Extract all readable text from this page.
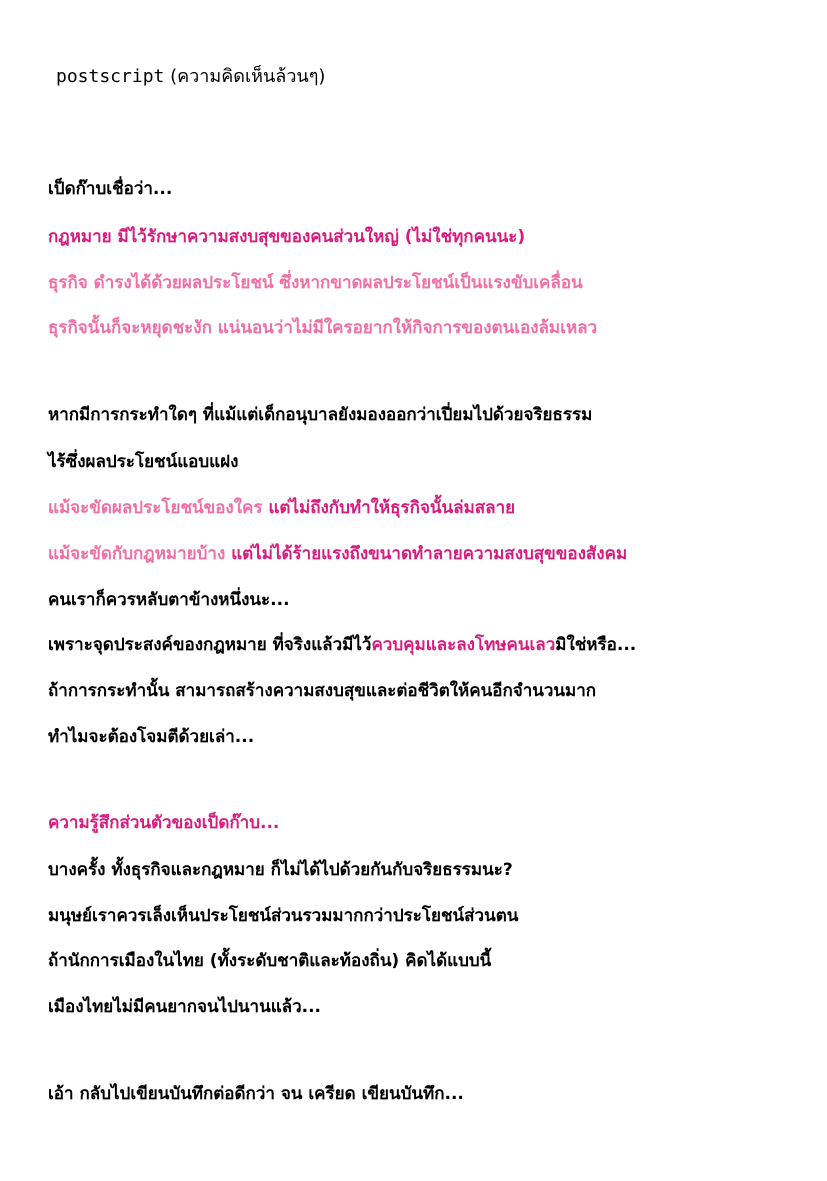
postscript (ความคิดเห็นล้วนๆ)
เป็ดก๊าบเชื่อว่า...
กฎหมาย มีไว้รักษาความสงบสุขของคนส่วนใหญ่ (ไม่ใช่ทุกคนนะ)
ธุรกิจ ดำรงได้ด้วยผลประโยชน์ ซึ่งหากขาดผลประโยชน์เป็นแรงขับเคลื่อน
ธุรกิจนั้นก็จะหยุดชะงัก แน่นอนว่าไม่มีใครอยากให้กิจการของตนเองล้มเหลว
หากมีการกระทำใดๆ ที่แม้แต่เด็กอนุบาลยังมองออกว่าเปี่ยมไปด้วยจริยธรรม
ไร้ซึ่งผลประโยชน์แอบแฝง
แม้จะขัดผลประโยชน์ของใคร แต่ไม่ถึงกับทำให้ธุรกิจนั้นล่มสลาย
แม้จะขัดกับกฎหมายบ้าง แต่ไม่ได้ร้ายแรงถึงขนาดทำลายความสงบสุขของสังคม
คนเราก็ควรหลับตาข้างหนึ่งนะ...
เพราะจุดประสงค์ของกฎหมาย ที่จริงแล้วมีไว้ควบคุมและลงโทษคนเลวมิใช่หรือ...
ถ้าการกระทำนั้น สามารถสร้างความสงบสุขและต่อชีวิตให้คนอีกจำนวนมาก
ทำไมจะต้องโจมตีด้วยเล่า...
ความรู้สึกส่วนตัวของเป็ดก๊าบ...
บางครั้ง ทั้งธุรกิจและกฎหมาย ก็ไม่ได้ไปด้วยกันกับจริยธรรมนะ?
มนุษย์เราควรเล็งเห็นประโยชน์ส่วนรวมมากกว่าประโยชน์ส่วนตน
ถ้านักการเมืองในไทย (ทั้งระดับชาติและท้องถิ่น) คิดได้แบบนี้
เมืองไทยไม่มีคนยากจนไปนานแล้ว...
เอ้า กลับไปเขียนบันทึกต่อดีกว่า จน เครียด เขียนบันทึก...
